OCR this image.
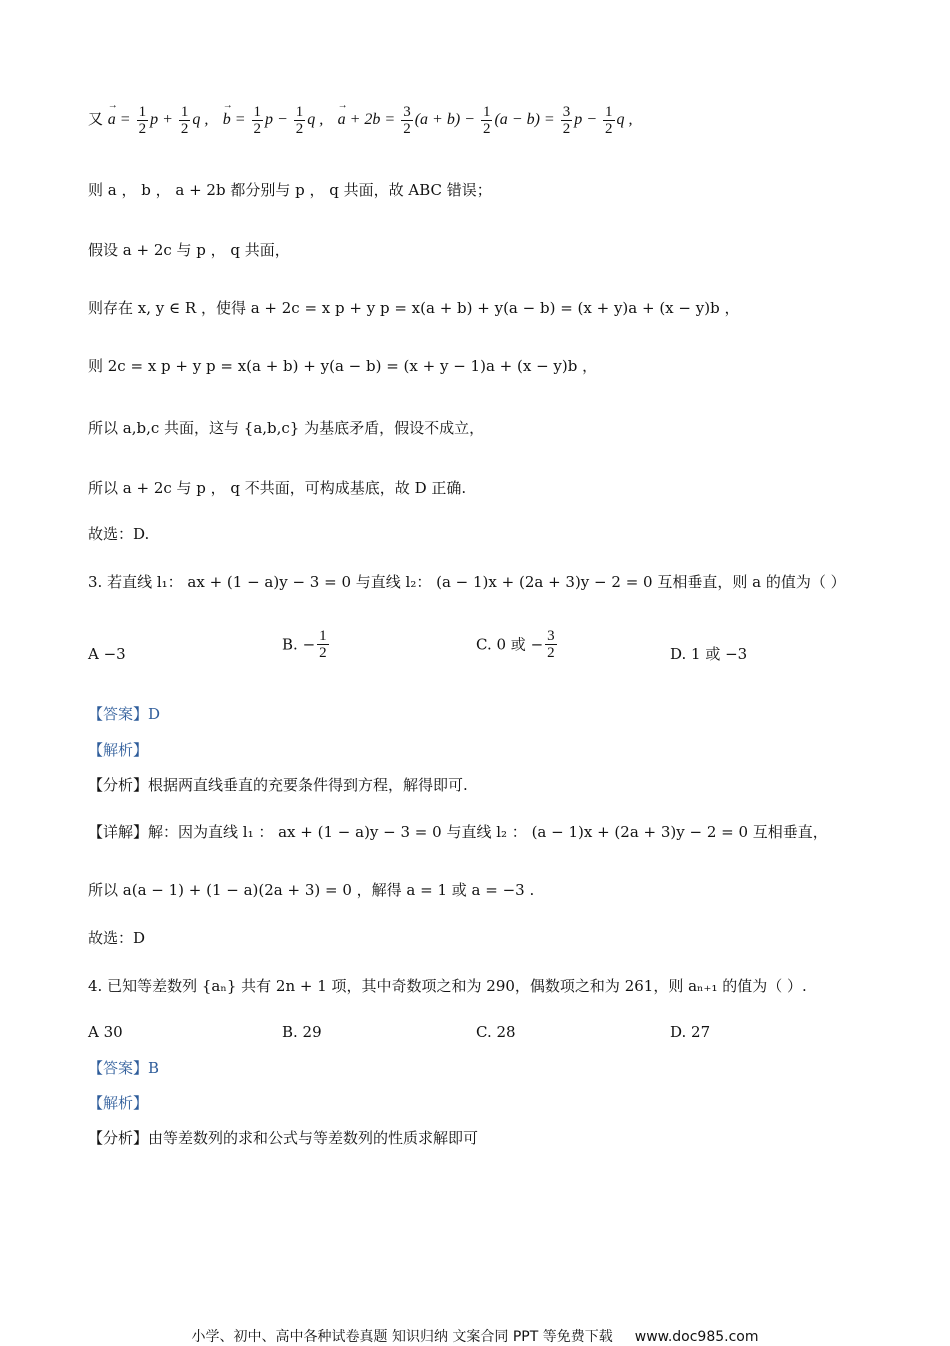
又 → $a = \frac{1}{2}$ $p + \frac{1}{2}$ q , → $b = \frac{1}{2}$ $p - \frac{1}{2}$ q , → $a + 2b = \frac{3}{2} (a + b) - \frac{1}{2} (a - b) = \frac{3}{2}$ $p - \frac{1}{2}$ q ,
则 a ， b ， a + 2b 都分别与 p ， q 共面，故 ABC 错误；
假设 a + 2c 与 p ， q 共面，
则存在 x, y ∈ R ，使得 a + 2c = x p + y p = x(a + b) + y(a − b) = (x + y)a + (x − y)b ，
则 2c = x p + y p = x(a + b) + y(a − b) = (x + y − 1)a + (x − y)b ，
所以 a,b,c 共面，这与 {a,b,c} 为基底矛盾，假设不成立，
所以 a + 2c 与 p ， q 不共面，可构成基底，故 D 正确.
故选：D.
3. 若直线 l₁： ax + (1 − a)y − 3 = 0 与直线 l₂： (a − 1)x + (2a + 3)y − 2 = 0 互相垂直，则 a 的值为（ ）
A −3
B. − $\frac{1}{2}$	C. 0 或 − $\frac{3}{2}$	D. 1 或 −3
【答案】D
【解析】
【分析】根据两直线垂直的充要条件得到方程，解得即可.
【详解】解：因为直线 l₁ ： ax + (1 − a)y − 3 = 0 与直线 l₂ ： (a − 1)x + (2a + 3)y − 2 = 0 互相垂直，
所以 a(a − 1) + (1 − a)(2a + 3) = 0 ，解得 a = 1 或 a = −3 .
故选：D
4. 已知等差数列 {aₙ} 共有 2n + 1 项，其中奇数项之和为 290，偶数项之和为 261，则 aₙ₊₁ 的值为（ ）.
A 30	B. 29	C. 28	D. 27
【答案】B
【解析】
【分析】由等差数列的求和公式与等差数列的性质求解即可
小学、初中、高中各种试卷真题 知识归纳 文案合同 PPT 等免费下载 www.doc985.com
